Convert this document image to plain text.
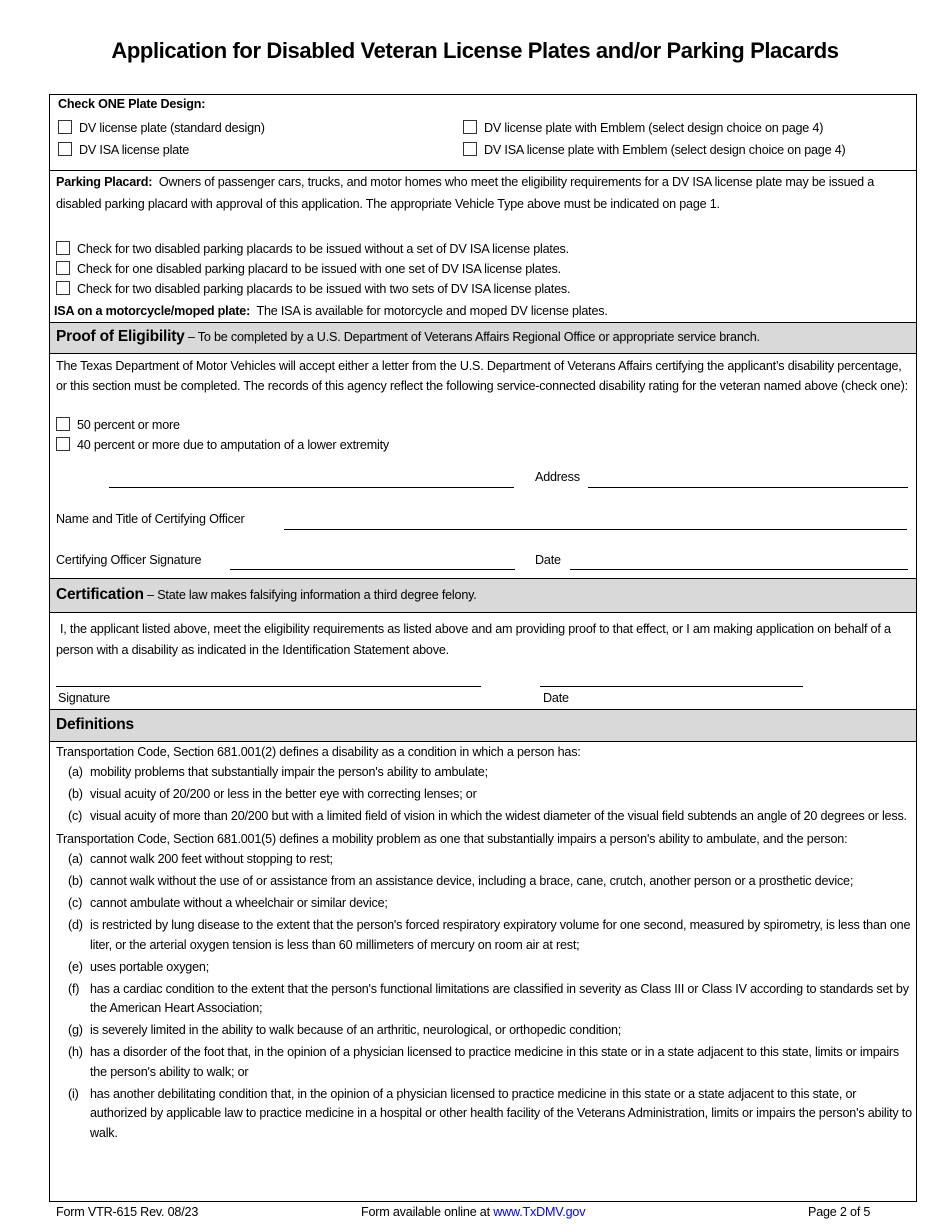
Application for Disabled Veteran License Plates and/or Parking Placards
Check ONE Plate Design:
DV license plate (standard design)	DV license plate with Emblem (select design choice on page 4)
DV ISA license plate	DV ISA license plate with Emblem (select design choice on page 4)
Parking Placard: Owners of passenger cars, trucks, and motor homes who meet the eligibility requirements for a DV ISA license plate may be issued a disabled parking placard with approval of this application. The appropriate Vehicle Type above must be indicated on page 1.
Check for two disabled parking placards to be issued without a set of DV ISA license plates.
Check for one disabled parking placard to be issued with one set of DV ISA license plates.
Check for two disabled parking placards to be issued with two sets of DV ISA license plates.
ISA on a motorcycle/moped plate: The ISA is available for motorcycle and moped DV license plates.
Proof of Eligibility – To be completed by a U.S. Department of Veterans Affairs Regional Office or appropriate service branch.
The Texas Department of Motor Vehicles will accept either a letter from the U.S. Department of Veterans Affairs certifying the applicant’s disability percentage, or this section must be completed. The records of this agency reflect the following service-connected disability rating for the veteran named above (check one):
50 percent or more
40 percent or more due to amputation of a lower extremity
Address
Name and Title of Certifying Officer
Certifying Officer Signature	Date
Certification – State law makes falsifying information a third degree felony.
I, the applicant listed above, meet the eligibility requirements as listed above and am providing proof to that effect, or I am making application on behalf of a person with a disability as indicated in the Identification Statement above.
Signature	Date
Definitions
Transportation Code, Section 681.001(2) defines a disability as a condition in which a person has:
(a) mobility problems that substantially impair the person's ability to ambulate;
(b) visual acuity of 20/200 or less in the better eye with correcting lenses; or
(c) visual acuity of more than 20/200 but with a limited field of vision in which the widest diameter of the visual field subtends an angle of 20 degrees or less.
Transportation Code, Section 681.001(5) defines a mobility problem as one that substantially impairs a person's ability to ambulate, and the person:
(a) cannot walk 200 feet without stopping to rest;
(b) cannot walk without the use of or assistance from an assistance device, including a brace, cane, crutch, another person or a prosthetic device;
(c) cannot ambulate without a wheelchair or similar device;
(d) is restricted by lung disease to the extent that the person's forced respiratory expiratory volume for one second, measured by spirometry, is less than one liter, or the arterial oxygen tension is less than 60 millimeters of mercury on room air at rest;
(e) uses portable oxygen;
(f) has a cardiac condition to the extent that the person's functional limitations are classified in severity as Class III or Class IV according to standards set by the American Heart Association;
(g) is severely limited in the ability to walk because of an arthritic, neurological, or orthopedic condition;
(h) has a disorder of the foot that, in the opinion of a physician licensed to practice medicine in this state or in a state adjacent to this state, limits or impairs the person's ability to walk; or
(i) has another debilitating condition that, in the opinion of a physician licensed to practice medicine in this state or a state adjacent to this state, or authorized by applicable law to practice medicine in a hospital or other health facility of the Veterans Administration, limits or impairs the person's ability to walk.
Form VTR-615 Rev. 08/23	Form available online at www.TxDMV.gov	Page 2 of 5
